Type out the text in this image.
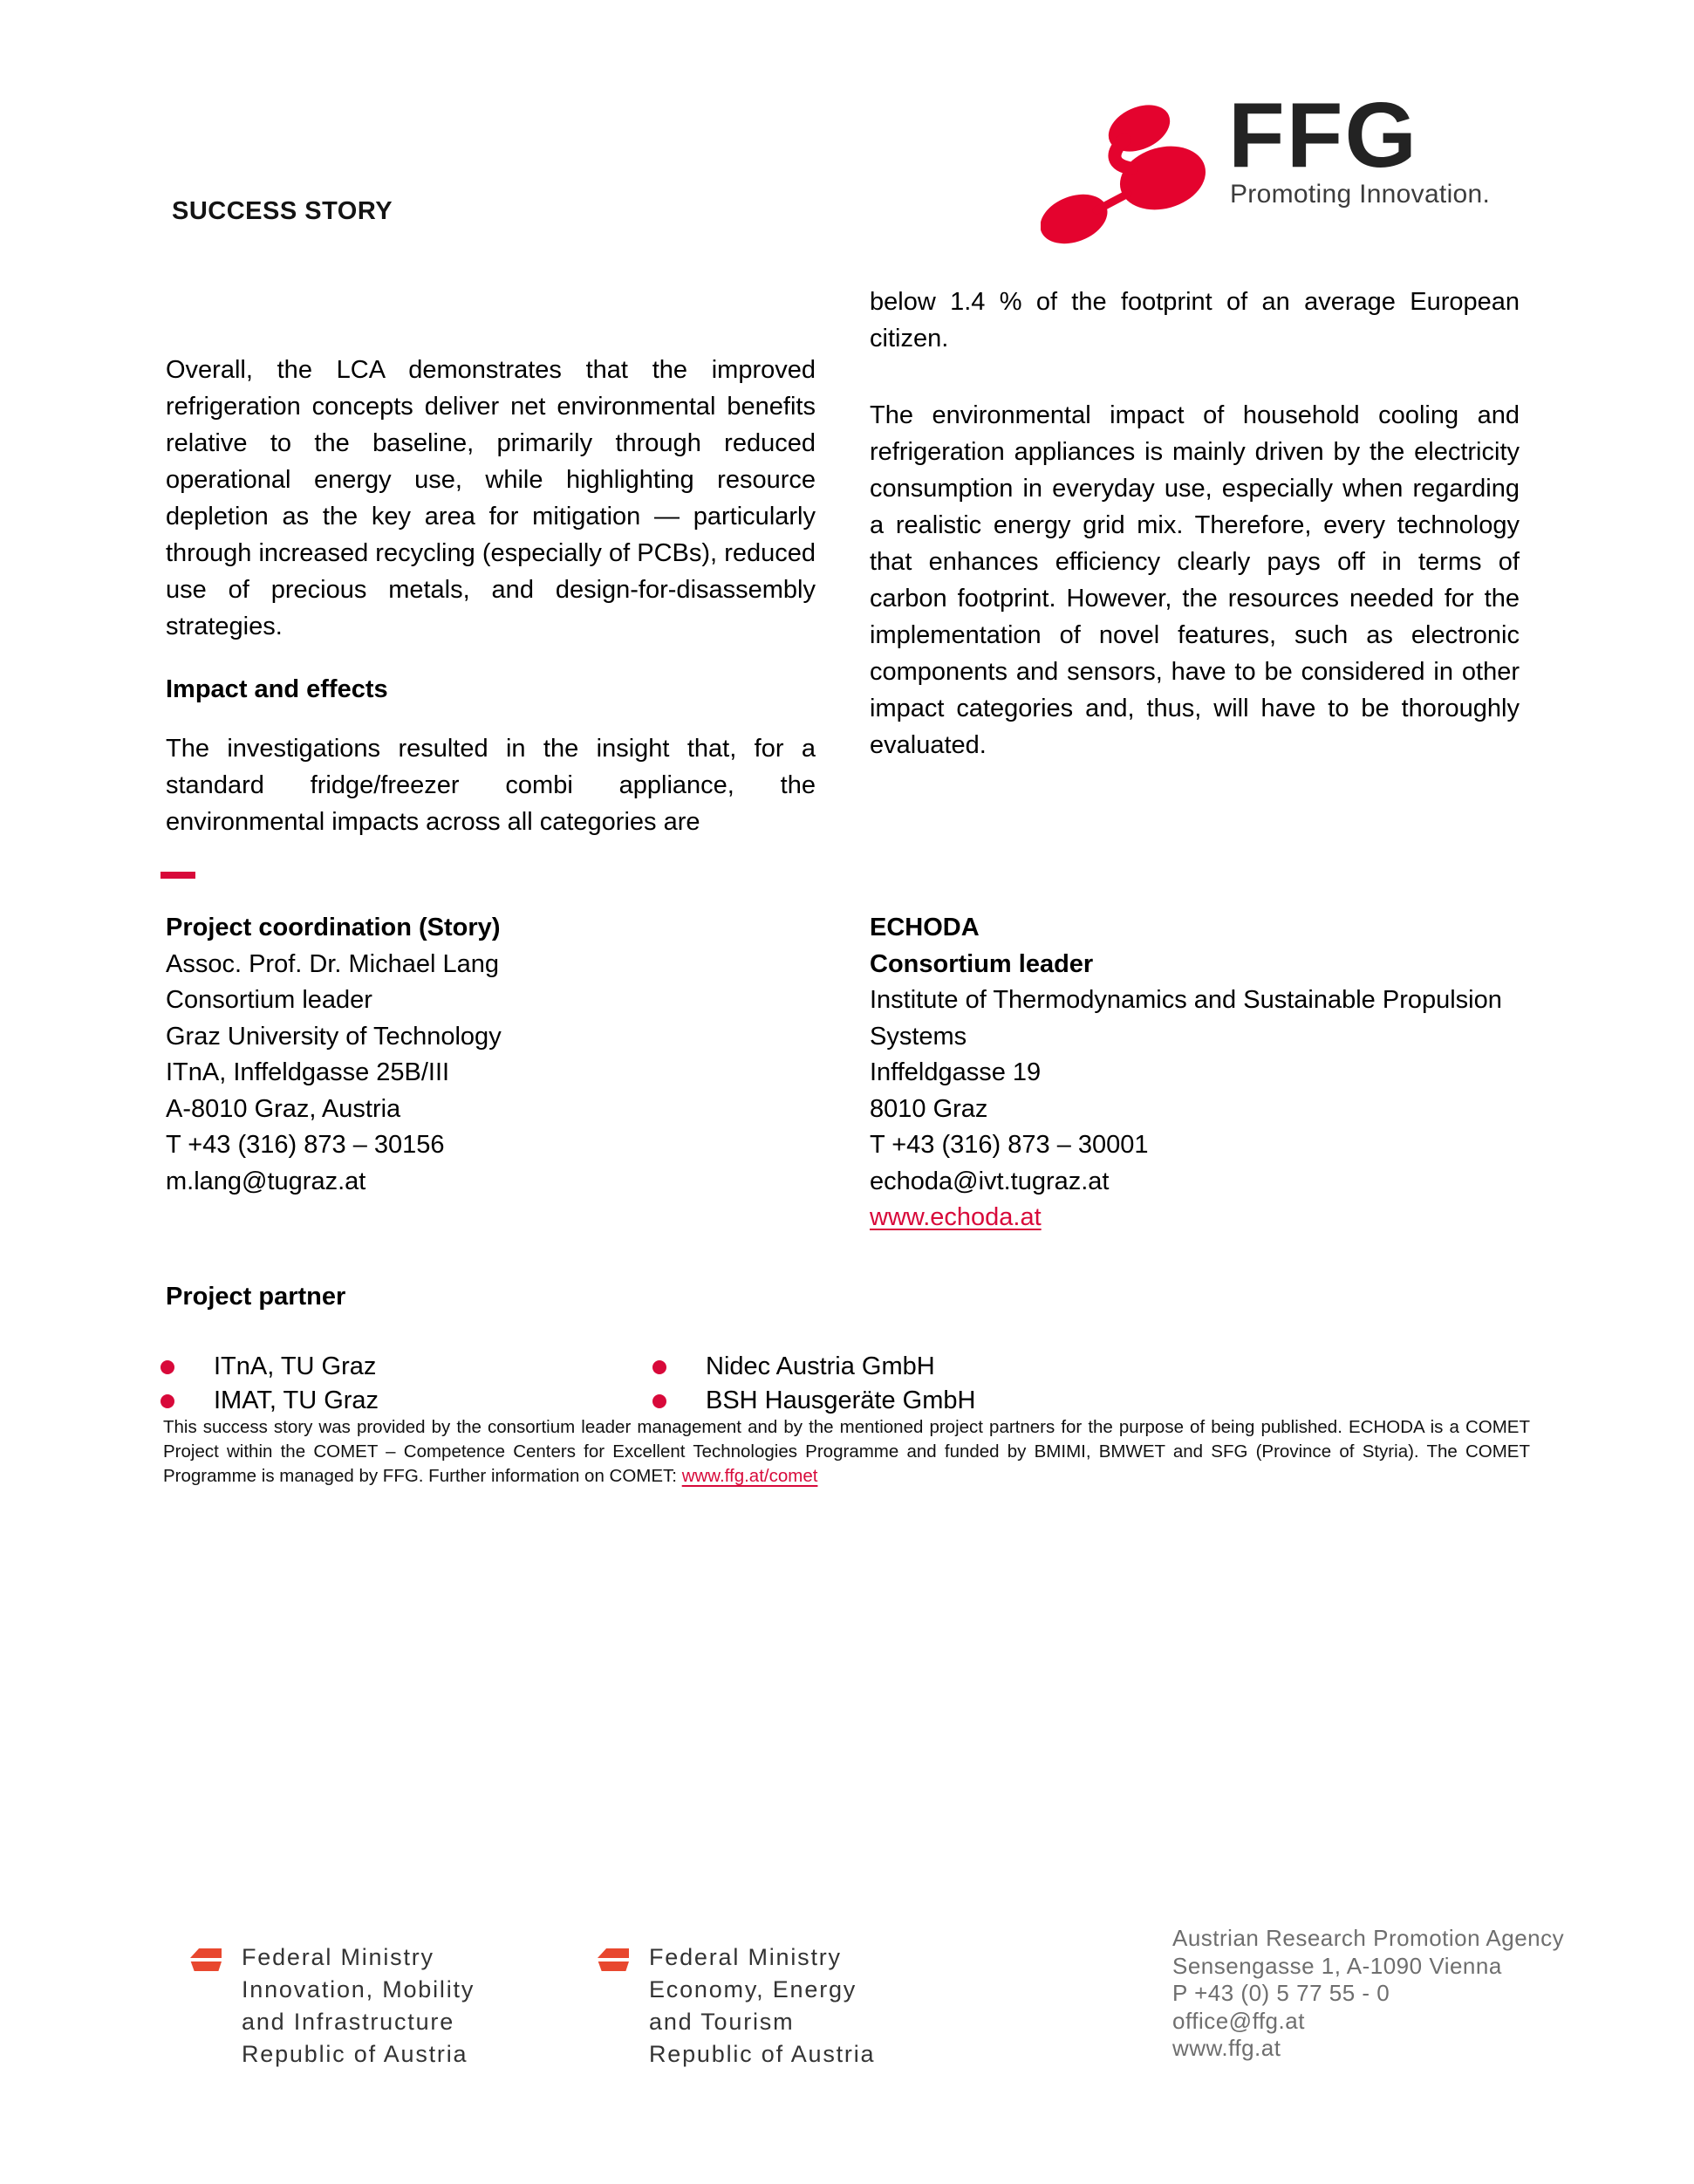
SUCCESS STORY
FFG
Promoting Innovation.

Overall, the LCA demonstrates that the improved refrigeration concepts deliver net environmental benefits relative to the baseline, primarily through reduced operational energy use, while highlighting resource depletion as the key area for mitigation — particularly through increased recycling (especially of PCBs), reduced use of precious metals, and design-for-disassembly strategies.

Impact and effects

The investigations resulted in the insight that, for a standard fridge/freezer combi appliance, the environmental impacts across all categories are

below 1.4 % of the footprint of an average European citizen.

The environmental impact of household cooling and refrigeration appliances is mainly driven by the electricity consumption in everyday use, especially when regarding a realistic energy grid mix. Therefore, every technology that enhances efficiency clearly pays off in terms of carbon footprint. However, the resources needed for the implementation of novel features, such as electronic components and sensors, have to be considered in other impact categories and, thus, will have to be thoroughly evaluated.

Project coordination (Story)
Assoc. Prof. Dr. Michael Lang
Consortium leader
Graz University of Technology
ITnA, Inffeldgasse 25B/III
A-8010 Graz, Austria
T +43 (316) 873 – 30156
m.lang@tugraz.at
ECHODA
Consortium leader
Institute of Thermodynamics and Sustainable Propulsion Systems
Inffeldgasse 19
8010 Graz
T +43 (316) 873 – 30001
echoda@ivt.tugraz.at
www.echoda.at
Project partner
ITnA, TU Graz	Nidec Austria GmbH
IMAT, TU Graz	BSH Hausgeräte GmbH

This success story was provided by the consortium leader management and by the mentioned project partners for the purpose of being published. ECHODA is a COMET Project within the COMET – Competence Centers for Excellent Technologies Programme and funded by BMIMI, BMWET and SFG (Province of Styria). The COMET Programme is managed by FFG. Further information on COMET: www.ffg.at/comet

Federal Ministry
Innovation, Mobility
and Infrastructure
Republic of Austria
Federal Ministry
Economy, Energy
and Tourism
Republic of Austria
Austrian Research Promotion Agency
Sensengasse 1, A-1090 Vienna
P +43 (0) 5 77 55 - 0
office@ffg.at
www.ffg.at
